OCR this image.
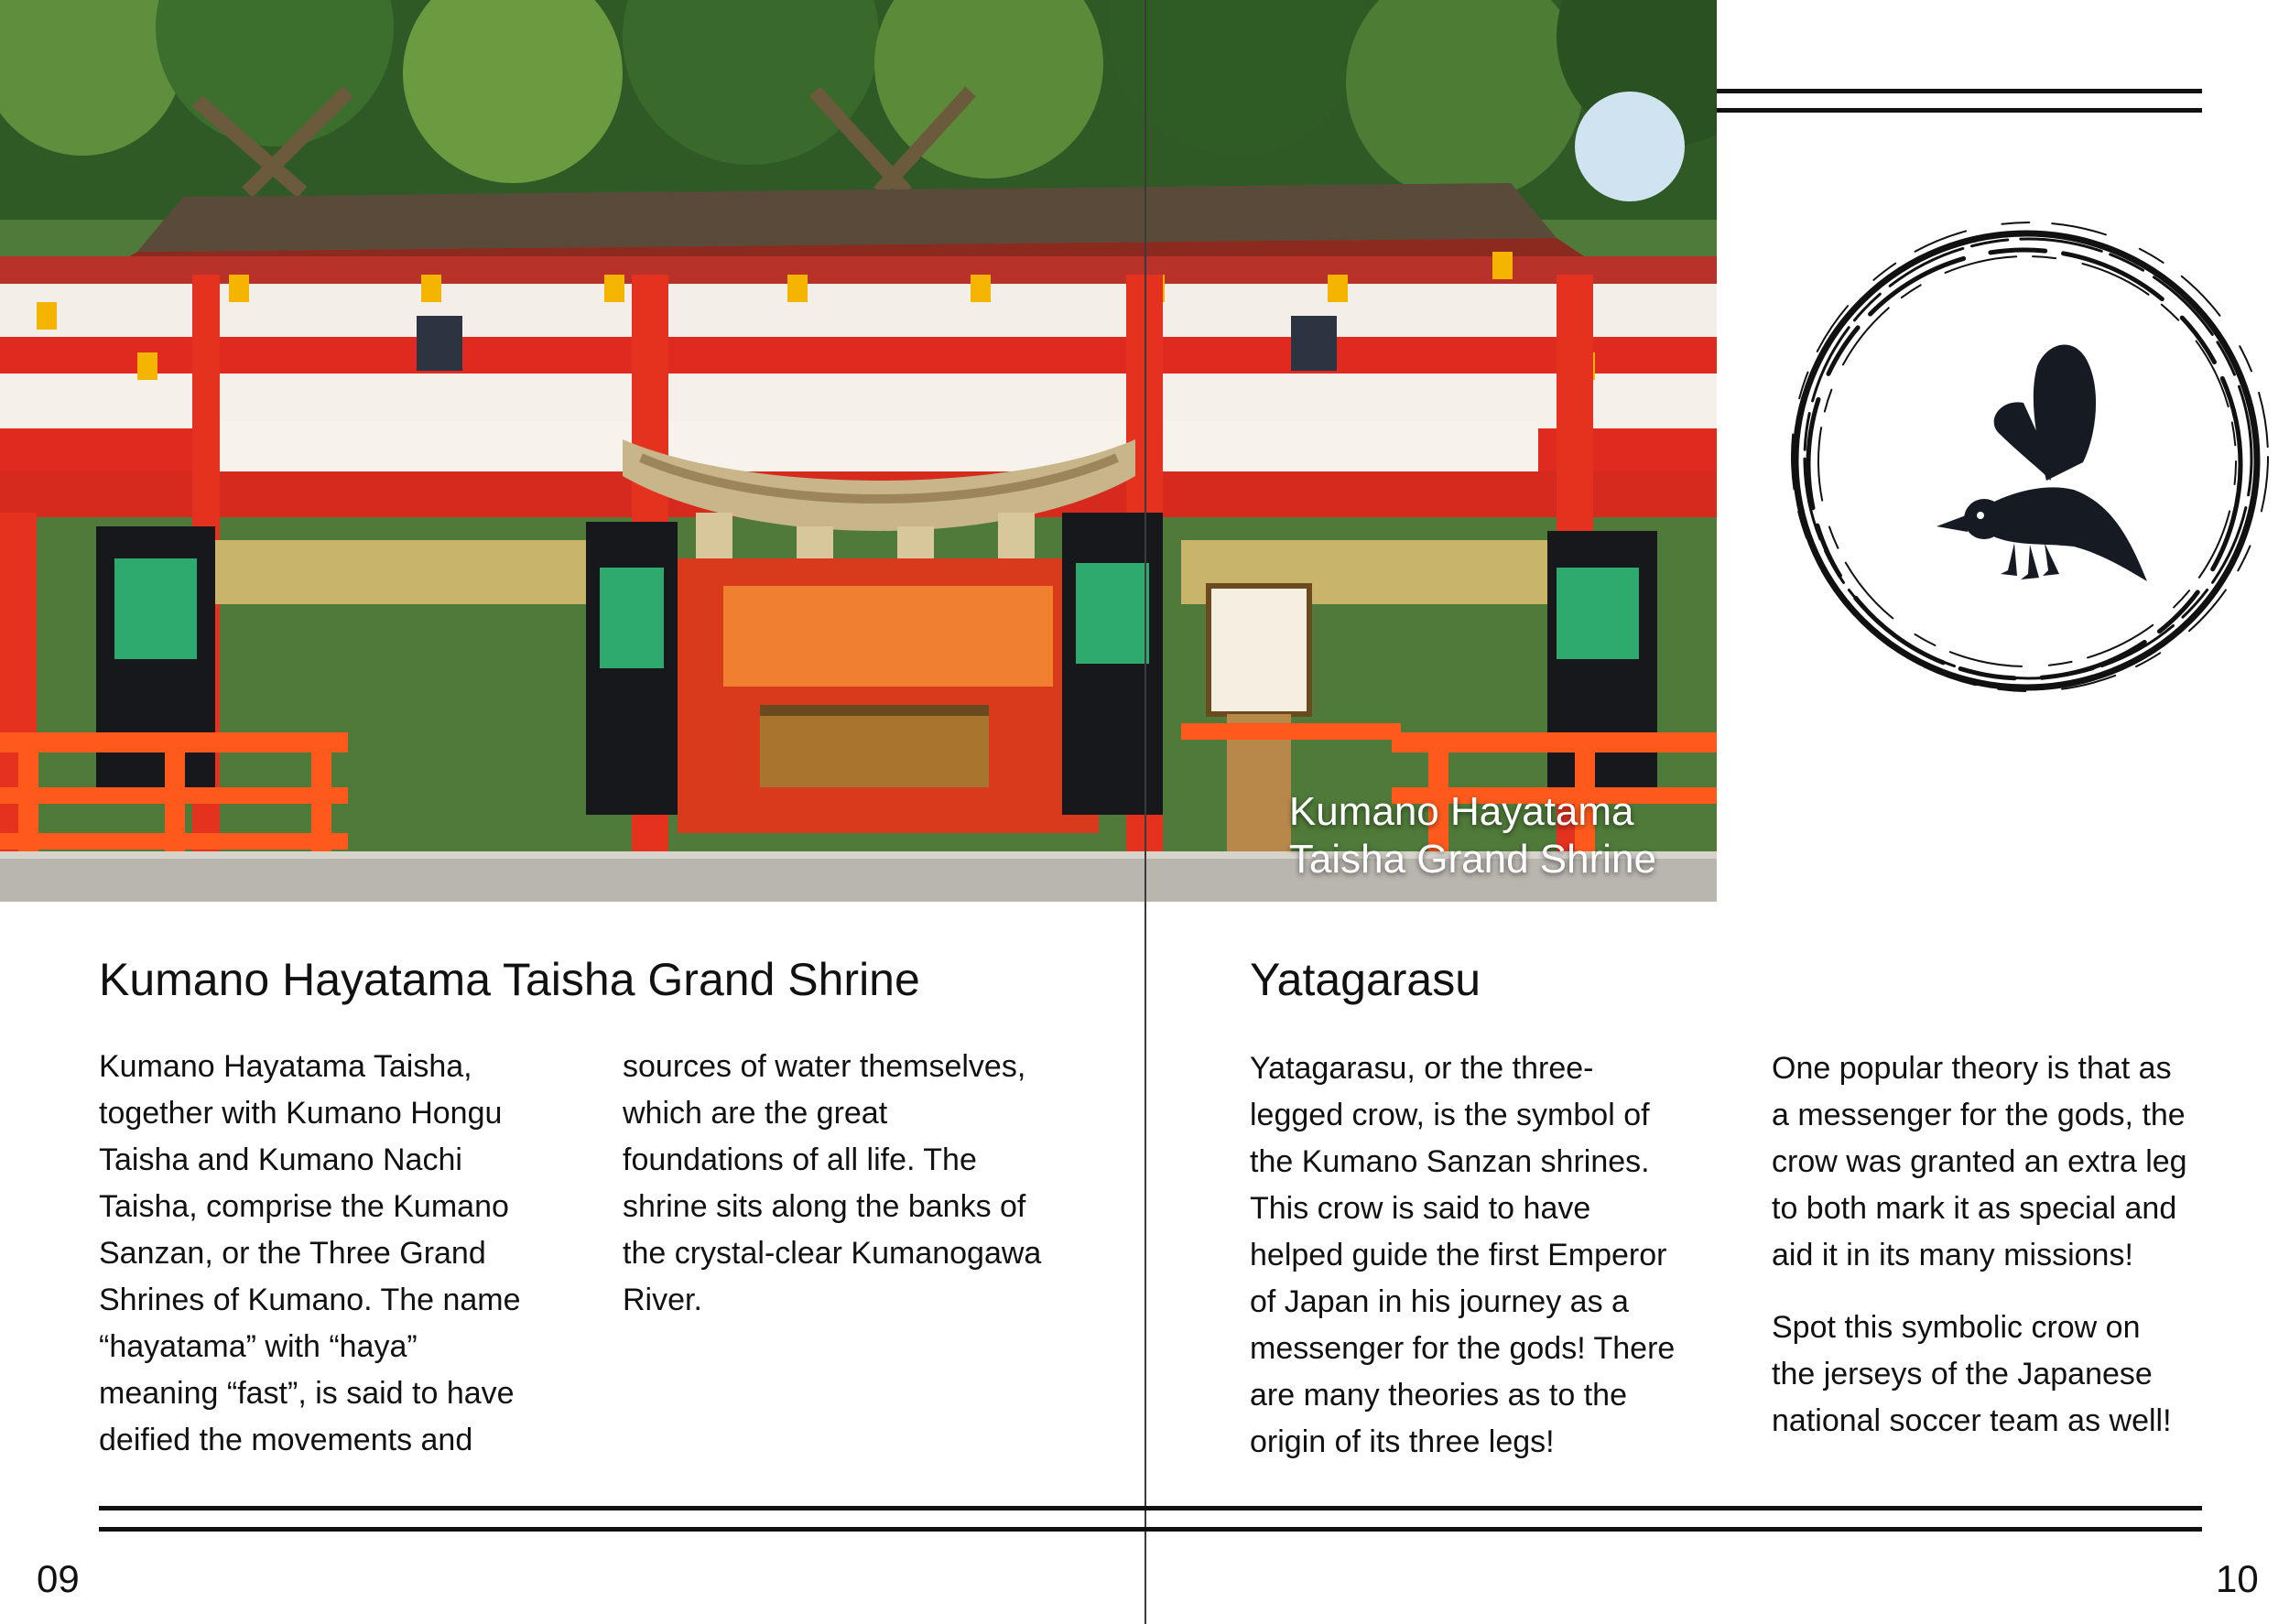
Kumano Hayatama
Taisha Grand Shrine
Kumano Hayatama Taisha Grand Shrine
Kumano Hayatama Taisha,
together with Kumano Hongu
Taisha and Kumano Nachi
Taisha, comprise the Kumano
Sanzan, or the Three Grand
Shrines of Kumano. The name
“hayatama” with “haya”
meaning “fast”, is said to have
deified the movements and
sources of water themselves,
which are the great
foundations of all life. The
shrine sits along the banks of
the crystal-clear Kumanogawa
River.
Yatagarasu
Yatagarasu, or the three-
legged crow, is the symbol of
the Kumano Sanzan shrines.
This crow is said to have
helped guide the first Emperor
of Japan in his journey as a
messenger for the gods! There
are many theories as to the
origin of its three legs!

One popular theory is that as
a messenger for the gods, the
crow was granted an extra leg
to both mark it as special and
aid it in its many missions!

Spot this symbolic crow on
the jerseys of the Japanese
national soccer team as well!

09	10
